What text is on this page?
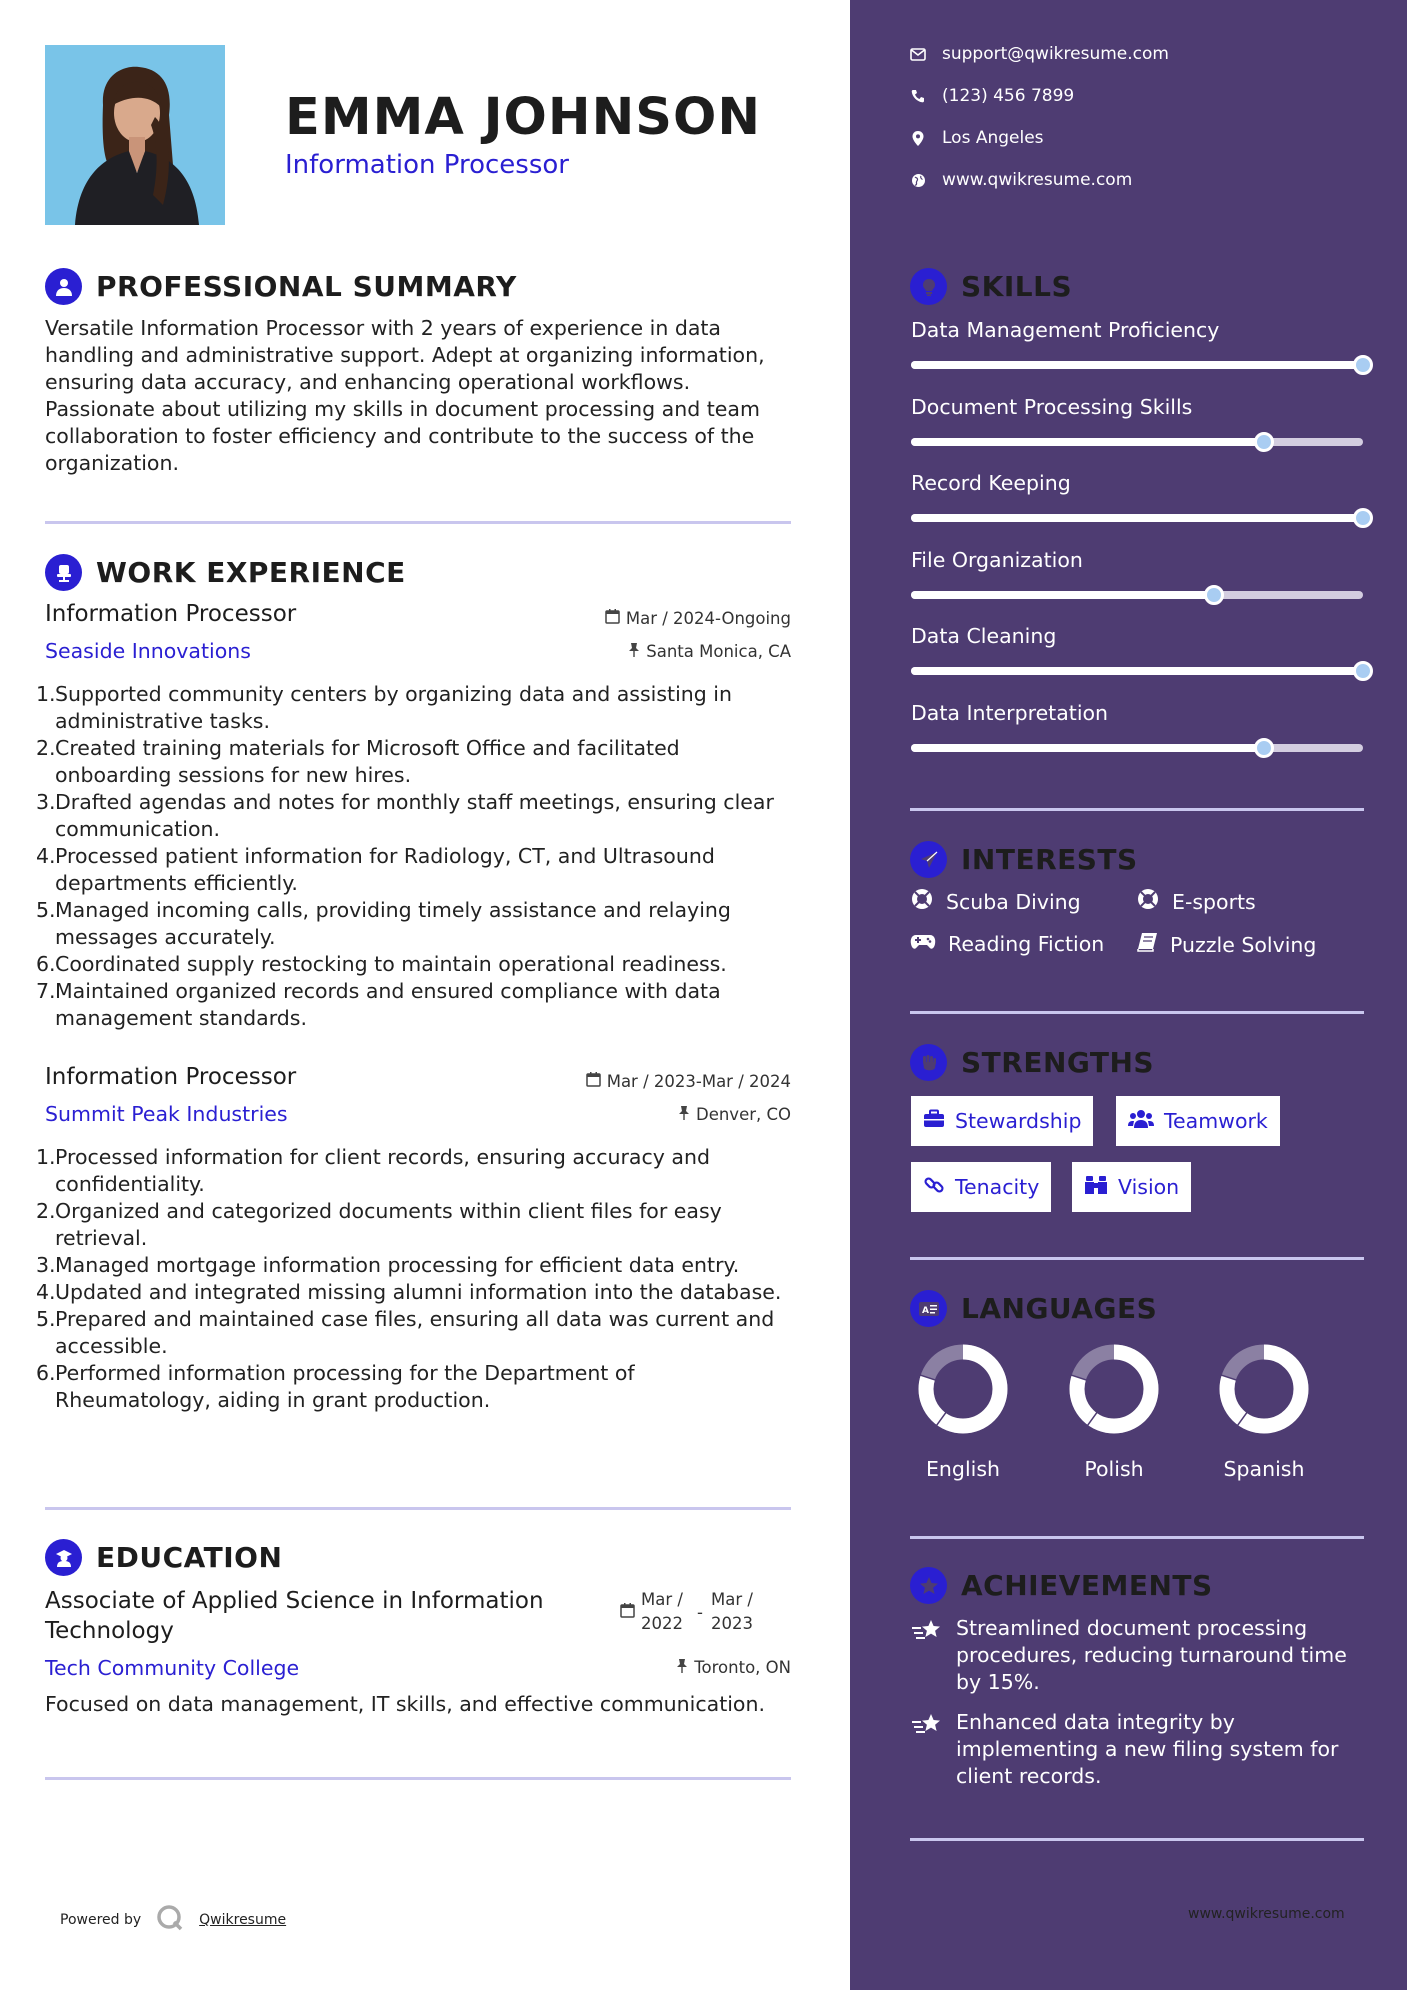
EMMA JOHNSON
Information Processor
PROFESSIONAL SUMMARY
Versatile Information Processor with 2 years of experience in data handling and administrative support. Adept at organizing information, ensuring data accuracy, and enhancing operational workflows. Passionate about utilizing my skills in document processing and team collaboration to foster efficiency and contribute to the success of the organization.
WORK EXPERIENCE
Information Processor	Mar / 2024-Ongoing
Seaside Innovations	Santa Monica, CA
1. Supported community centers by organizing data and assisting in administrative tasks.
2. Created training materials for Microsoft Office and facilitated onboarding sessions for new hires.
3. Drafted agendas and notes for monthly staff meetings, ensuring clear communication.
4. Processed patient information for Radiology, CT, and Ultrasound departments efficiently.
5. Managed incoming calls, providing timely assistance and relaying messages accurately.
6. Coordinated supply restocking to maintain operational readiness.
7. Maintained organized records and ensured compliance with data management standards.
Information Processor	Mar / 2023-Mar / 2024
Summit Peak Industries	Denver, CO
1. Processed information for client records, ensuring accuracy and confidentiality.
2. Organized and categorized documents within client files for easy retrieval.
3. Managed mortgage information processing for efficient data entry.
4. Updated and integrated missing alumni information into the database.
5. Prepared and maintained case files, ensuring all data was current and accessible.
6. Performed information processing for the Department of Rheumatology, aiding in grant production.
EDUCATION
Associate of Applied Science in Information Technology
Mar / 2022
-
Mar / 2023
Tech Community College	Toronto, ON
Focused on data management, IT skills, and effective communication.
Powered by	Qwikresume
support@qwikresume.com
(123) 456 7899
Los Angeles
www.qwikresume.com
SKILLS
Data Management Proficiency
Document Processing Skills
Record Keeping
File Organization
Data Cleaning
Data Interpretation
INTERESTS
Scuba Diving	E-sports
Reading Fiction	Puzzle Solving
STRENGTHS
Stewardship	Teamwork
Tenacity	Vision
A LANGUAGES
English	Polish	Spanish
ACHIEVEMENTS
Streamlined document processing procedures, reducing turnaround time by 15%.
Enhanced data integrity by implementing a new filing system for client records.
www.qwikresume.com
